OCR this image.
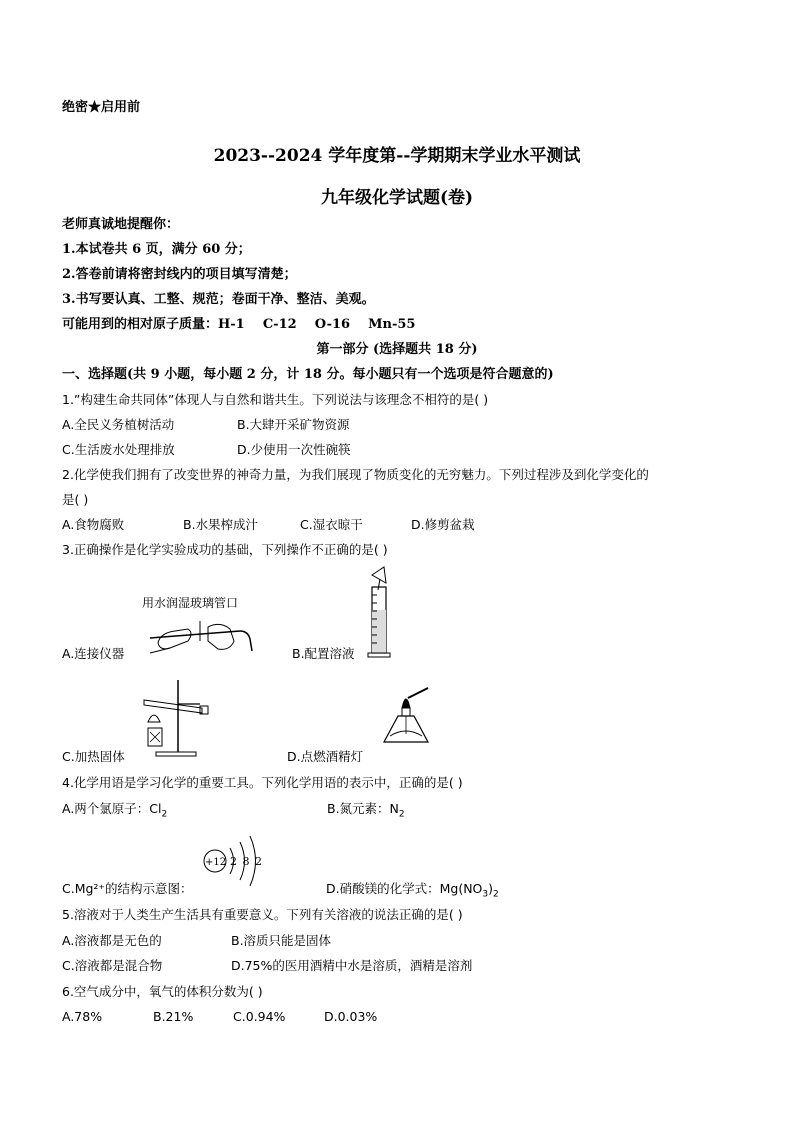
绝密★启用前
2023--2024 学年度第--学期期末学业水平测试
九年级化学试题(卷)
老师真诚地提醒你：
1.本试卷共 6 页，满分 60 分；
2.答卷前请将密封线内的项目填写清楚；
3.书写要认真、工整、规范；卷面干净、整洁、美观。
可能用到的相对原子质量：H-1    C-12    O-16    Mn-55
第一部分 (选择题共 18 分)
一、选择题(共 9 小题，每小题 2 分，计 18 分。每小题只有一个选项是符合题意的)
1.”构建生命共同体”体现人与自然和谐共生。下列说法与该理念不相符的是( )
A.全民义务植树活动	B.大肆开采矿物资源
C.生活废水处理排放	D.少使用一次性碗筷
2.化学使我们拥有了改变世界的神奇力量，为我们展现了物质变化的无穷魅力。下列过程涉及到化学变化的
是( )
A.食物腐败	B.水果榨成汁	C.湿衣晾干	D.修剪盆栽
3.正确操作是化学实验成功的基础，下列操作不正确的是( )
用水润湿玻璃管口
A.连接仪器	B.配置溶液
C.加热固体	D.点燃酒精灯
4.化学用语是学习化学的重要工具。下列化学用语的表示中，正确的是( )
A.两个氯原子：$Cl_2$	B.氮元素：$N_2$
+12 2 8 2
C.Mg²⁺的结构示意图：	D.硝酸镁的化学式：$Mg(NO_3)_2$
5.溶液对于人类生产生活具有重要意义。下列有关溶液的说法正确的是( )
A.溶液都是无色的	B.溶质只能是固体
C.溶液都是混合物	D.75%的医用酒精中水是溶质，酒精是溶剂
6.空气成分中，氧气的体积分数为( )
A.78%	B.21%	C.0.94%	D.0.03%
